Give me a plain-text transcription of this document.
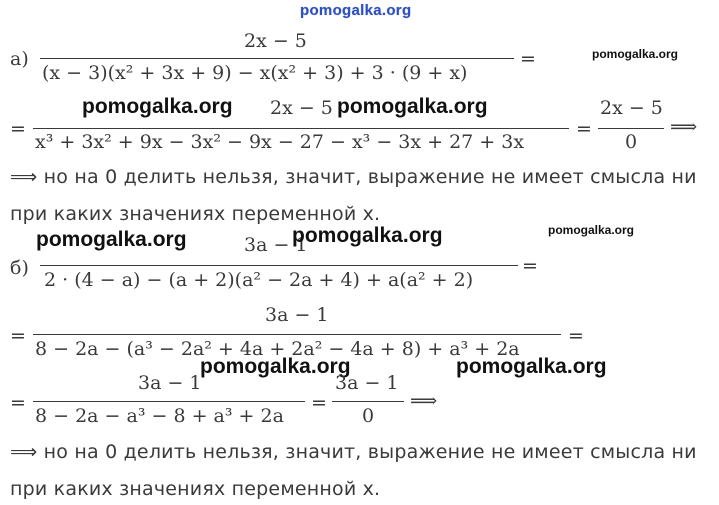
pomogalka.org
а)
2x − 5
(x − 3)(x² + 3x + 9) − x(x² + 3) + 3 · (9 + x)
=	pomogalka.org
pomogalka.org 2x − 5 pomogalka.org
=
x³ + 3x² + 9x − 3x² − 9x − 27 − x³ − 3x + 27 + 3x
=
2x − 5
0
⟹
⟹ но на 0 делить нельзя, значит, выражение не имеет смысла ни
при каких значениях переменной x.
pomogalka.org	3a − 1
pomogalka.org	pomogalka.org
б)
2 · (4 − a) − (a + 2)(a² − 2a + 4) + a(a² + 2)
=
3a − 1
=
8 − 2a − (a³ − 2a² + 4a + 2a² − 4a + 8) + a³ + 2a
=
pomogalka.org	pomogalka.org
3a − 1
=
8 − 2a − a³ − 8 + a³ + 2a
=
3a − 1
0
⟹
⟹ но на 0 делить нельзя, значит, выражение не имеет смысла ни
при каких значениях переменной x.
